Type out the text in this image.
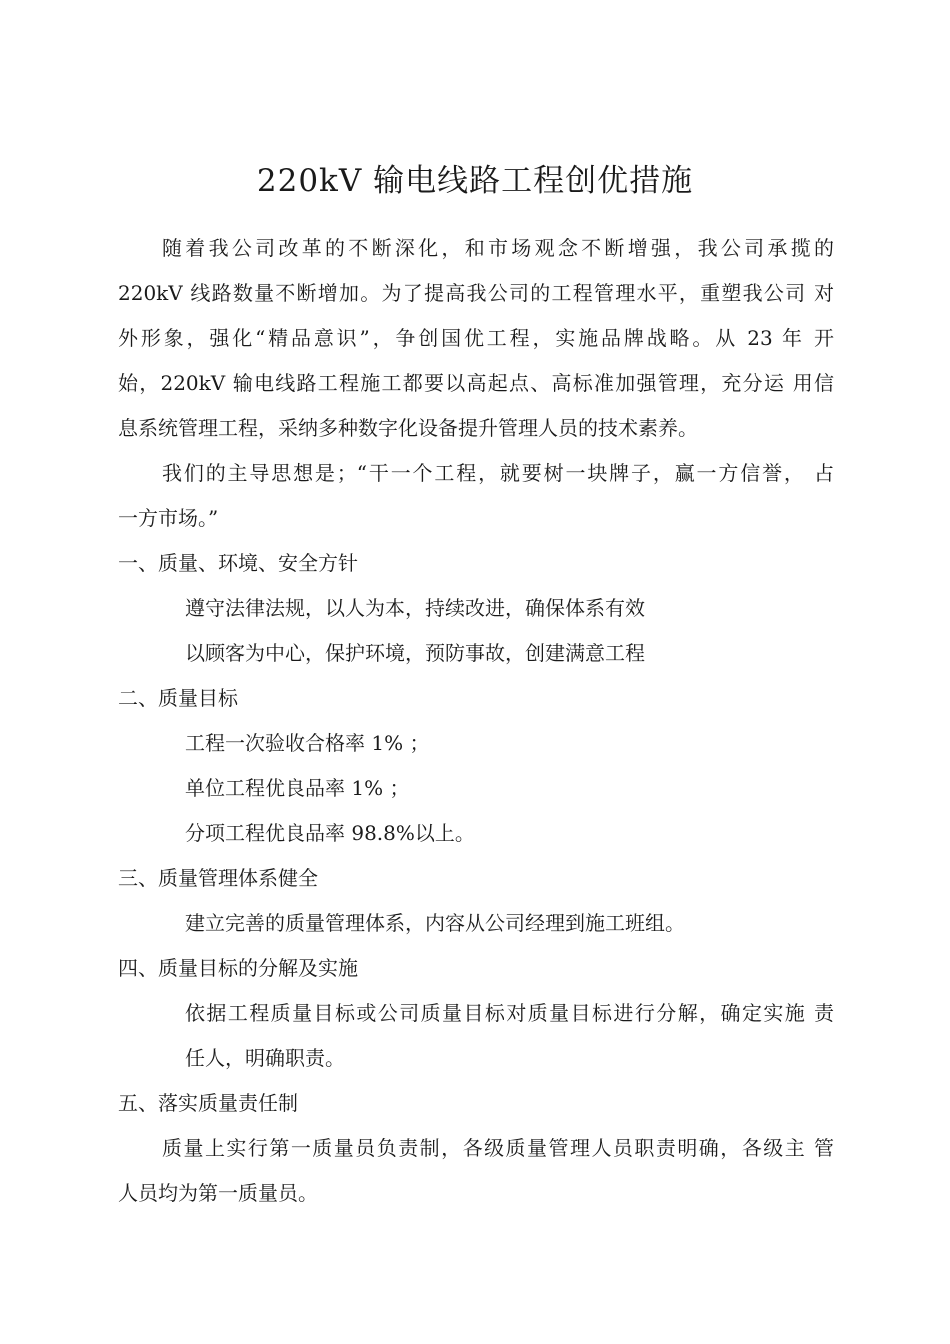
220kV 输电线路工程创优措施
随着我公司改革的不断深化，和市场观念不断增强，我公司承揽的
220kV 线路数量不断增加。为了提高我公司的工程管理水平，重塑我公司 对
外形象，强化“精品意识”，争创国优工程，实施品牌战略。从 23 年 开
始，220kV 输电线路工程施工都要以高起点、高标准加强管理，充分运 用信
息系统管理工程，采纳多种数字化设备提升管理人员的技术素养。
我们的主导思想是；“干一个工程，就要树一块牌子，赢一方信誉， 占
一方市场。”
一、质量、环境、安全方针
遵守法律法规，以人为本，持续改进，确保体系有效
以顾客为中心，保护环境，预防事故，创建满意工程
二、质量目标
工程一次验收合格率 1% ；
单位工程优良品率 1% ；
分项工程优良品率 98.8%以上。
三、质量管理体系健全
建立完善的质量管理体系，内容从公司经理到施工班组。
四、质量目标的分解及实施
依据工程质量目标或公司质量目标对质量目标进行分解，确定实施 责
任人，明确职责。
五、落实质量责任制
质量上实行第一质量员负责制，各级质量管理人员职责明确，各级主 管
人员均为第一质量员。
